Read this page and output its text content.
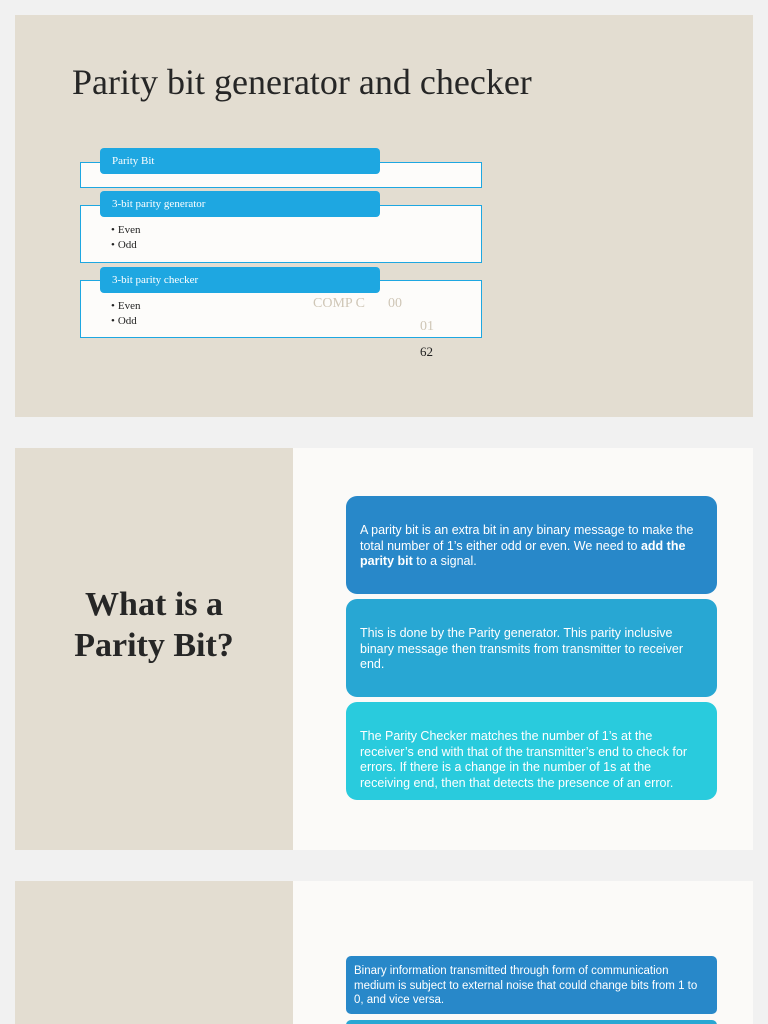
Parity bit generator and checker
Parity Bit
3-bit parity generator
• Even
• Odd
3-bit parity checker
• Even
• Odd
COMP C 00
01
62
What is a
Parity Bit?
A parity bit is an extra bit in any binary message to make the total number of 1’s either odd or even. We need to add the parity bit to a signal.
This is done by the Parity generator. This parity inclusive binary message then transmits from transmitter to receiver end.
The Parity Checker matches the number of 1’s at the receiver’s end with that of the transmitter’s end to check for errors. If there is a change in the number of 1s at the receiving end, then that detects the presence of an error.
Binary information transmitted through form of communication medium is subject to external noise that could change bits from 1 to 0, and vice versa.
